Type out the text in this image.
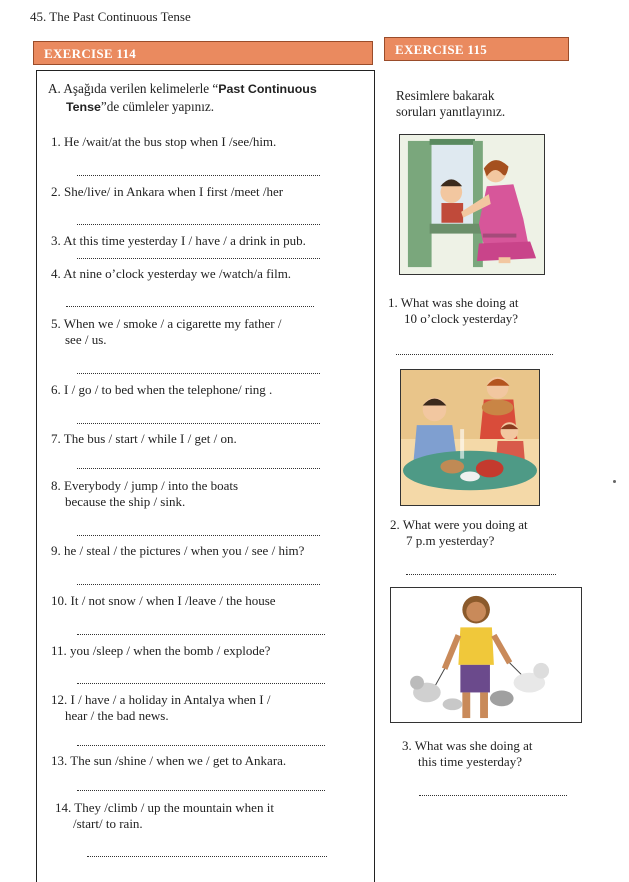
45. The Past Continuous Tense
EXERCISE 114
A. Aşağıda verilen kelimelerle “Past Continuous
Tense”de cümleler yapınız.
1. He /wait/at the bus stop when I /see/him.
2. She/live/ in Ankara when I first /meet /her
3. At this time yesterday I / have / a drink in pub.
4. At nine o’clock yesterday we /watch/a film.
5. When we / smoke / a cigarette my father /
see / us.
6. I / go / to bed when the telephone/ ring .
7. The bus / start / while I / get / on.
8. Everybody / jump / into the boats
because the ship / sink.
9. he / steal / the pictures / when you / see / him?
10. It / not snow / when I /leave / the house
11. you /sleep / when the bomb / explode?
12. I / have / a holiday in Antalya when I /
hear / the bad news.
13. The sun /shine / when we / get to Ankara.
14. They /climb / up the mountain when it
/start/ to rain.
EXERCISE 115
Resimlere bakarak
soruları yanıtlayınız.
1. What was she doing at
10 o’clock yesterday?
2. What were you doing at
7 p.m yesterday?
3. What was she doing at
this time yesterday?
